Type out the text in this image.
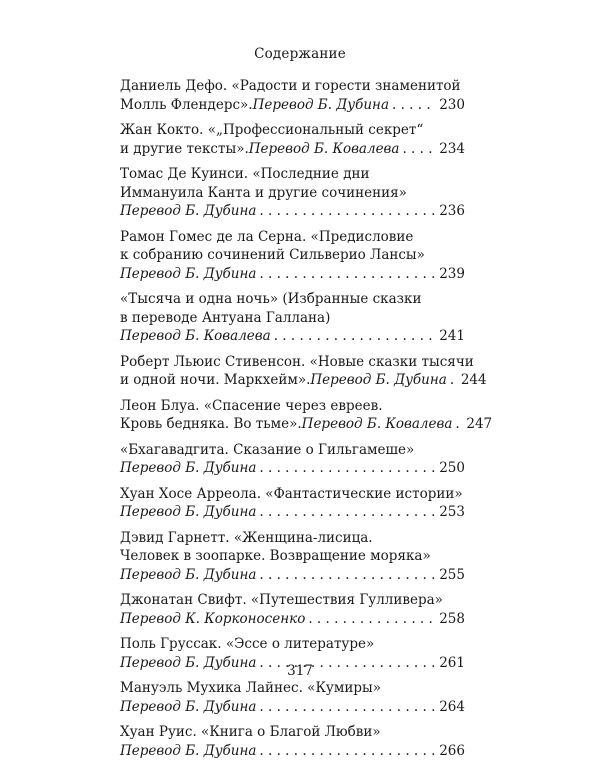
Содержание
Даниель Дефо. «Радости и горести знаменитой
Молль Флендерс». Перевод Б. Дубина . . .	230
Жан Кокто. «„Профессиональный секрет“
и другие тексты». Перевод Б. Ковалева . . .	234
Томас Де Куинси. «Последние дни
Иммануила Канта и другие сочинения»
Перевод Б. Дубина . . .	236
Рамон Гомес де ла Серна. «Предисловие
к собранию сочинений Сильверио Лансы»
Перевод Б. Дубина . . .	239
«Тысяча и одна ночь» (Избранные сказки
в переводе Антуана Галлана)
Перевод Б. Ковалева . . .	241
Роберт Льюис Стивенсон. «Новые сказки тысячи
и одной ночи. Маркхейм». Перевод Б. Дубина . . . 244
Леон Блуа. «Спасение через евреев.
Кровь бедняка. Во тьме». Перевод Б. Ковалева . . . 247
«Бхагавадгита. Сказание о Гильгамеше»
Перевод Б. Дубина . . .	250
Хуан Хосе Арреола. «Фантастические истории»
Перевод Б. Дубина . . .	253
Дэвид Гарнетт. «Женщина-лисица.
Человек в зоопарке. Возвращение моряка»
Перевод Б. Дубина . . .	255
Джонатан Свифт. «Путешествия Гулливера»
Перевод К. Корконосенко . . .	258
Поль Груссак. «Эссе о литературе»
Перевод Б. Дубина . . .	261
Мануэль Мухика Лайнес. «Кумиры»
Перевод Б. Дубина . . .	264
Хуан Руис. «Книга о Благой Любви»
Перевод Б. Дубина . . .	266
317
